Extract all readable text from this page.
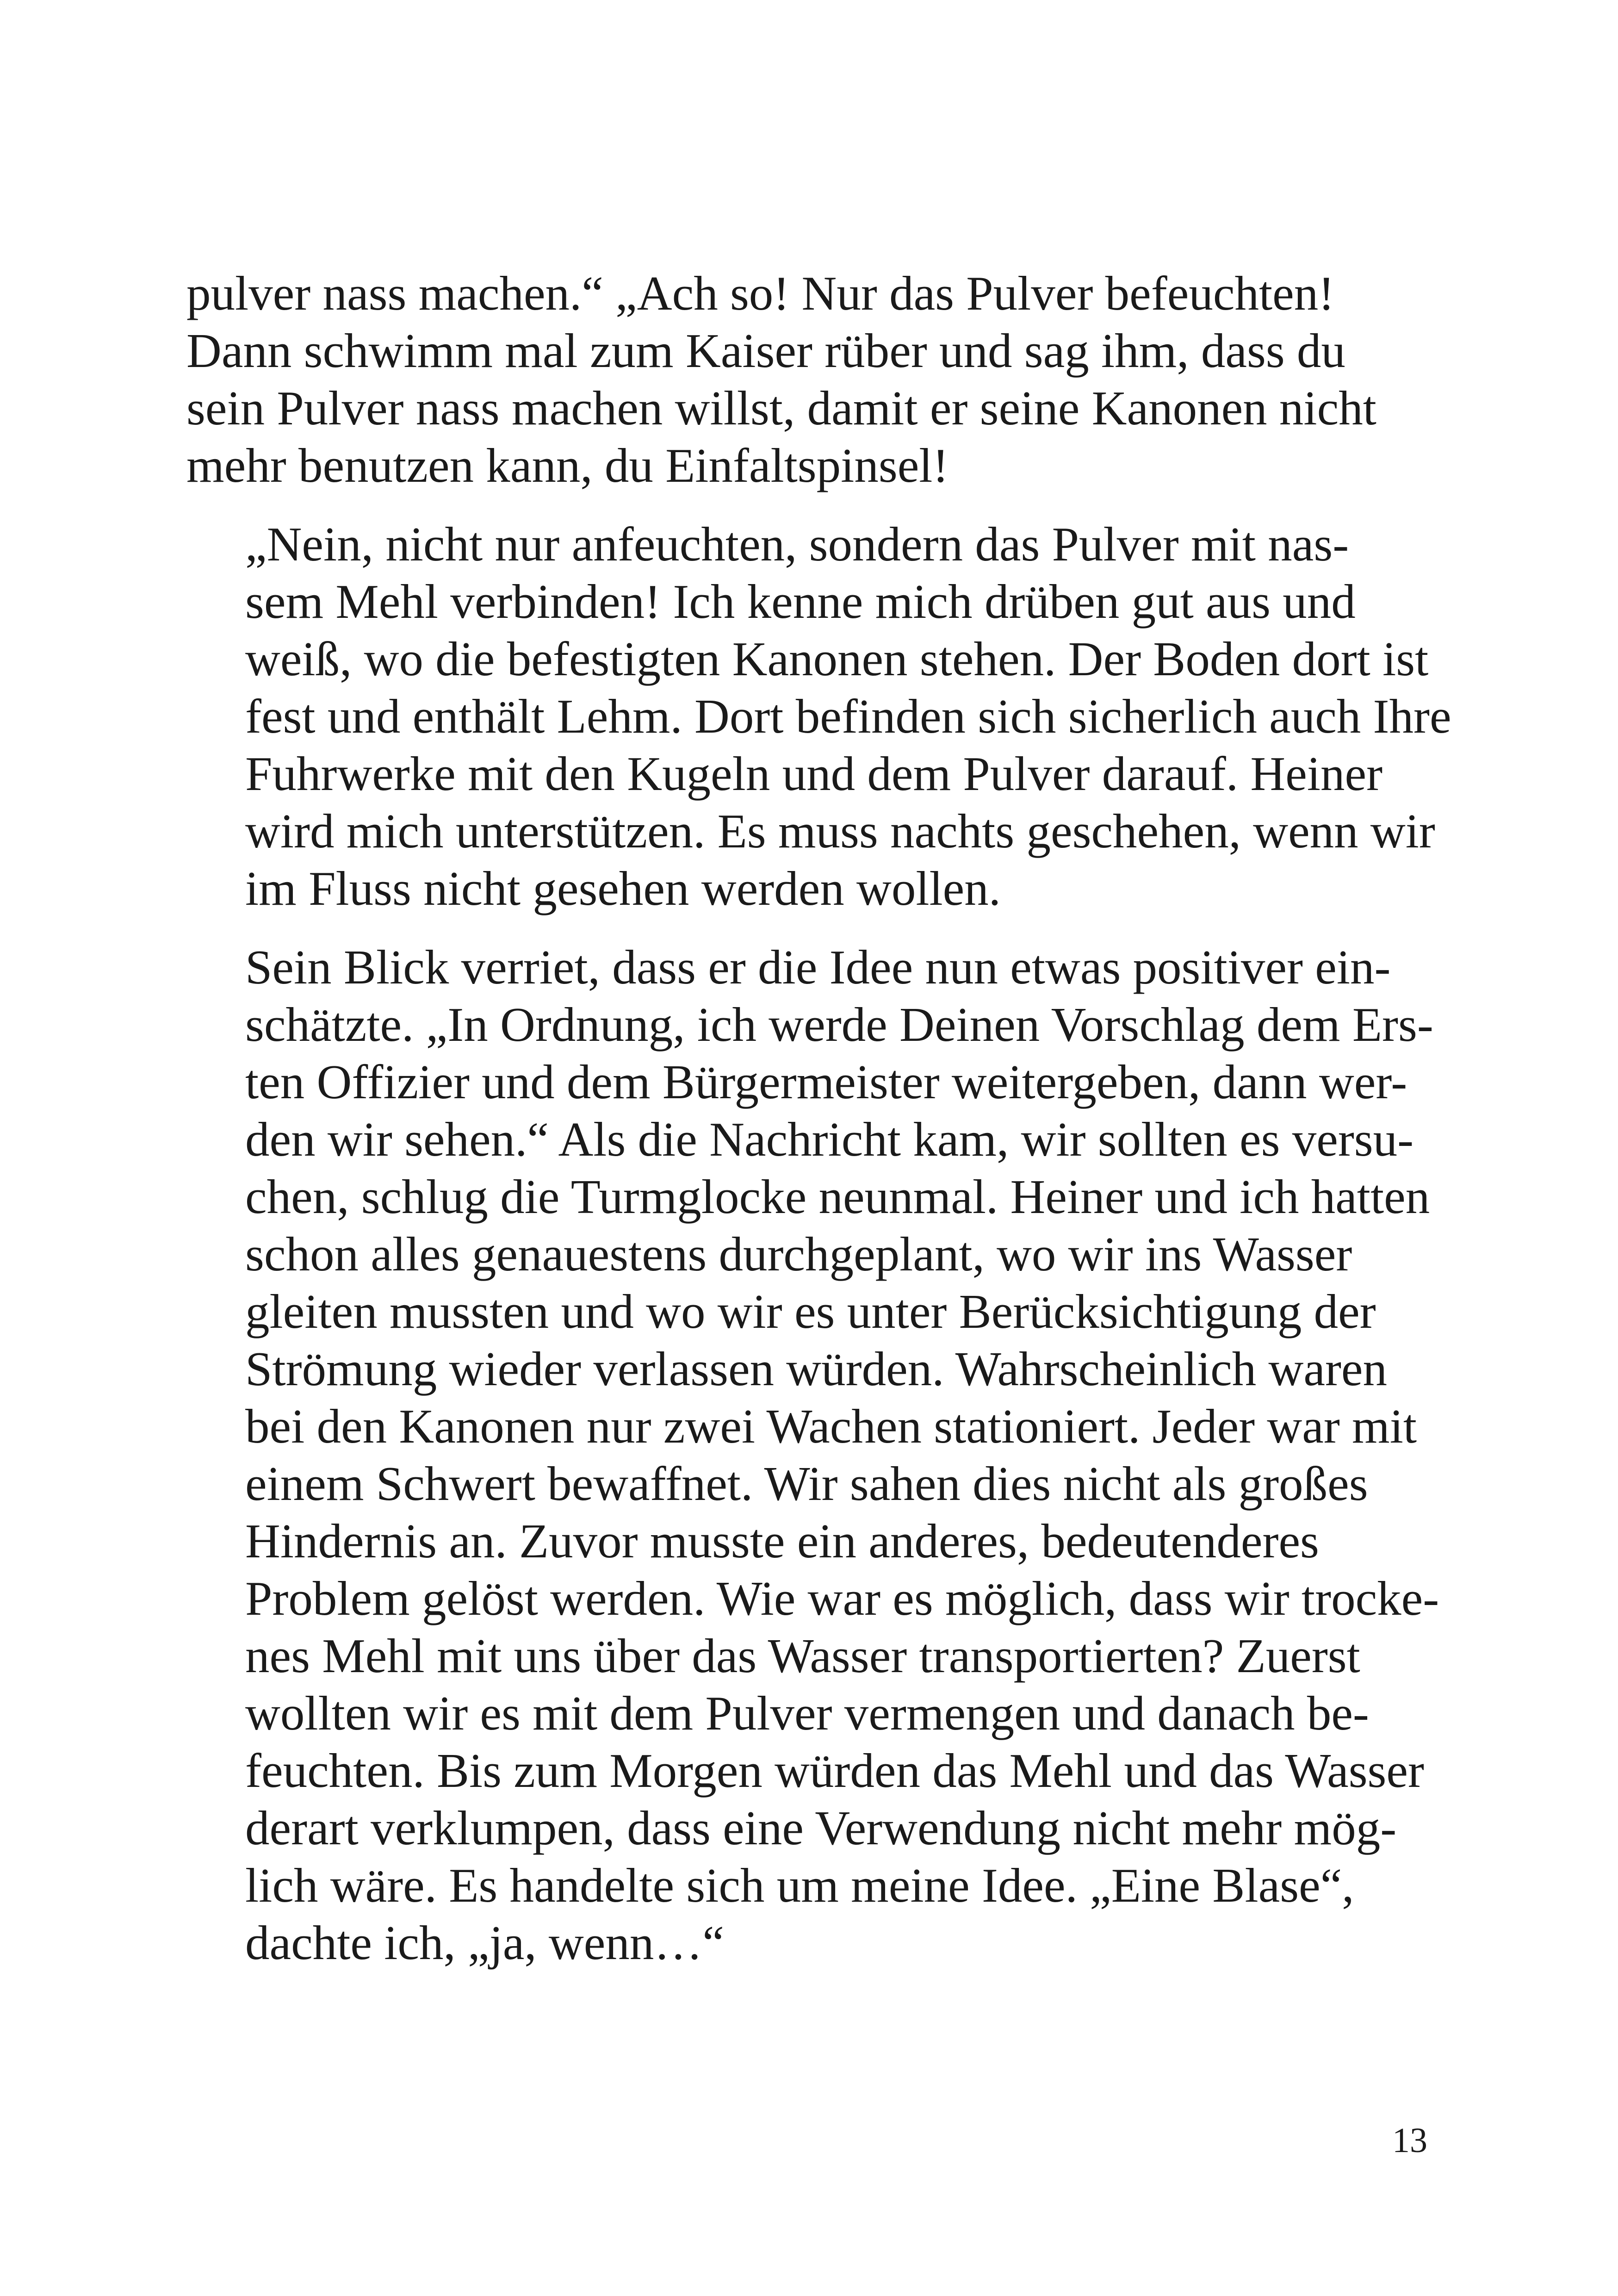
pulver nass machen.“ „Ach so! Nur das Pulver befeuchten!
Dann schwimm mal zum Kaiser rüber und sag ihm, dass du
sein Pulver nass machen willst, damit er seine Kanonen nicht
mehr benutzen kann, du Einfaltspinsel!

„Nein, nicht nur anfeuchten, sondern das Pulver mit nas-
sem Mehl verbinden! Ich kenne mich drüben gut aus und
weiß, wo die befestigten Kanonen stehen. Der Boden dort ist
fest und enthält Lehm. Dort befinden sich sicherlich auch Ihre
Fuhrwerke mit den Kugeln und dem Pulver darauf. Heiner
wird mich unterstützen. Es muss nachts geschehen, wenn wir
im Fluss nicht gesehen werden wollen.

Sein Blick verriet, dass er die Idee nun etwas positiver ein-
schätzte. „In Ordnung, ich werde Deinen Vorschlag dem Ers-
ten Offizier und dem Bürgermeister weitergeben, dann wer-
den wir sehen.“ Als die Nachricht kam, wir sollten es versu-
chen, schlug die Turmglocke neunmal. Heiner und ich hatten
schon alles genauestens durchgeplant, wo wir ins Wasser
gleiten mussten und wo wir es unter Berücksichtigung der
Strömung wieder verlassen würden. Wahrscheinlich waren
bei den Kanonen nur zwei Wachen stationiert. Jeder war mit
einem Schwert bewaffnet. Wir sahen dies nicht als großes
Hindernis an. Zuvor musste ein anderes, bedeutenderes
Problem gelöst werden. Wie war es möglich, dass wir trocke-
nes Mehl mit uns über das Wasser transportierten? Zuerst
wollten wir es mit dem Pulver vermengen und danach be-
feuchten. Bis zum Morgen würden das Mehl und das Wasser
derart verklumpen, dass eine Verwendung nicht mehr mög-
lich wäre. Es handelte sich um meine Idee. „Eine Blase“,
dachte ich, „ja, wenn…“

13
